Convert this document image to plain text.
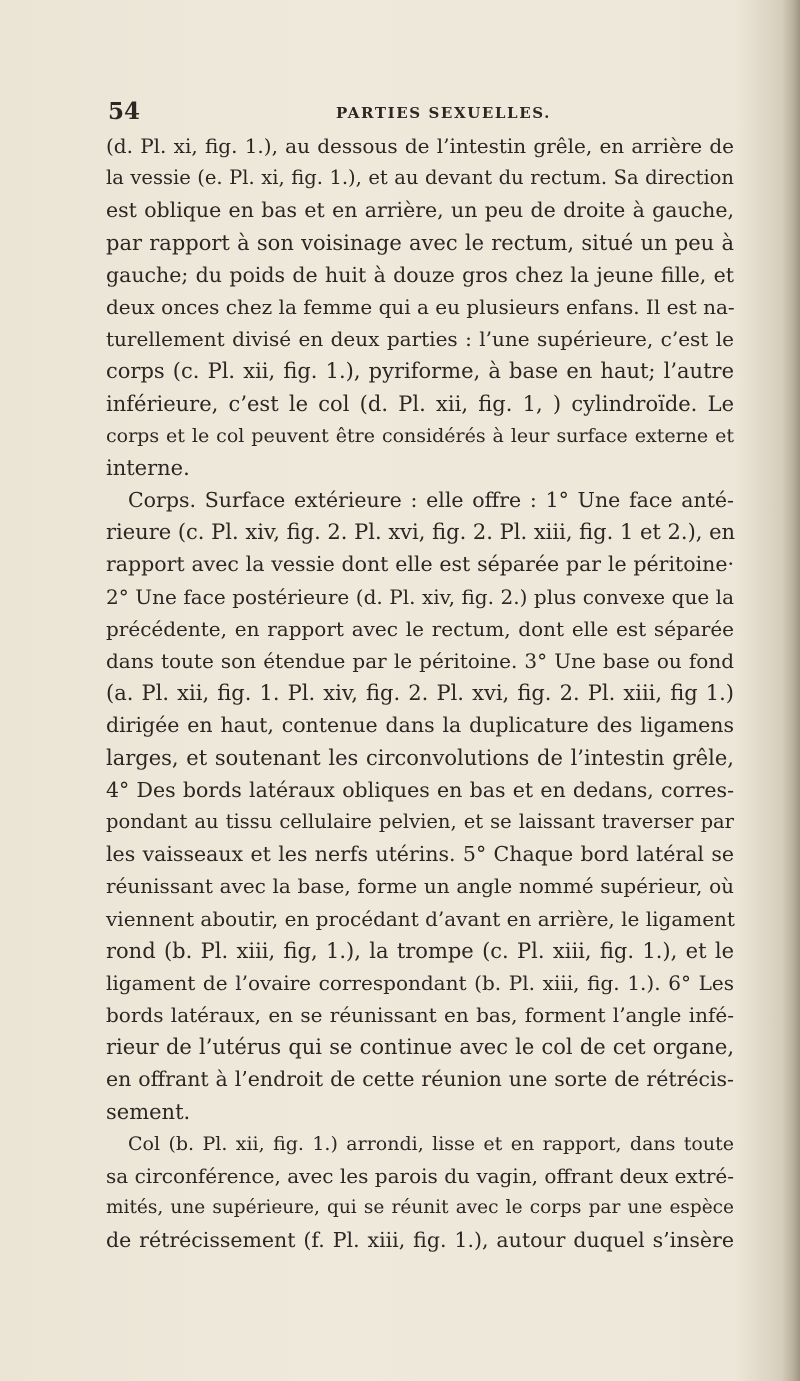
54	PARTIES SEXUELLES.
(d. Pl. xi, fig. 1.), au dessous de l’intestin grêle, en arrière de
la vessie (e. Pl. xi, fig. 1.), et au devant du rectum. Sa direction
est oblique en bas et en arrière, un peu de droite à gauche,
par rapport à son voisinage avec le rectum, situé un peu à
gauche; du poids de huit à douze gros chez la jeune fille, et
deux onces chez la femme qui a eu plusieurs enfans. Il est na-
turellement divisé en deux parties : l’une supérieure, c’est le
corps (c. Pl. xii, fig. 1.), pyriforme, à base en haut; l’autre
inférieure, c’est le col (d. Pl. xii, fig. 1, ) cylindroïde. Le
corps et le col peuvent être considérés à leur surface externe et
interne.
Corps. Surface extérieure : elle offre : 1° Une face anté-
rieure (c. Pl. xiv, fig. 2. Pl. xvi, fig. 2. Pl. xiii, fig. 1 et 2.), en
rapport avec la vessie dont elle est séparée par le péritoine·
2° Une face postérieure (d. Pl. xiv, fig. 2.) plus convexe que la
précédente, en rapport avec le rectum, dont elle est séparée
dans toute son étendue par le péritoine. 3° Une base ou fond
(a. Pl. xii, fig. 1. Pl. xiv, fig. 2. Pl. xvi, fig. 2. Pl. xiii, fig 1.)
dirigée en haut, contenue dans la duplicature des ligamens
larges, et soutenant les circonvolutions de l’intestin grêle,
4° Des bords latéraux obliques en bas et en dedans, corres-
pondant au tissu cellulaire pelvien, et se laissant traverser par
les vaisseaux et les nerfs utérins. 5° Chaque bord latéral se
réunissant avec la base, forme un angle nommé supérieur, où
viennent aboutir, en procédant d’avant en arrière, le ligament
rond (b. Pl. xiii, fig, 1.), la trompe (c. Pl. xiii, fig. 1.), et le
ligament de l’ovaire correspondant (b. Pl. xiii, fig. 1.). 6° Les
bords latéraux, en se réunissant en bas, forment l’angle infé-
rieur de l’utérus qui se continue avec le col de cet organe,
en offrant à l’endroit de cette réunion une sorte de rétrécis-
sement.
Col (b. Pl. xii, fig. 1.) arrondi, lisse et en rapport, dans toute
sa circonférence, avec les parois du vagin, offrant deux extré-
mités, une supérieure, qui se réunit avec le corps par une espèce
de rétrécissement (f. Pl. xiii, fig. 1.), autour duquel s’insère
